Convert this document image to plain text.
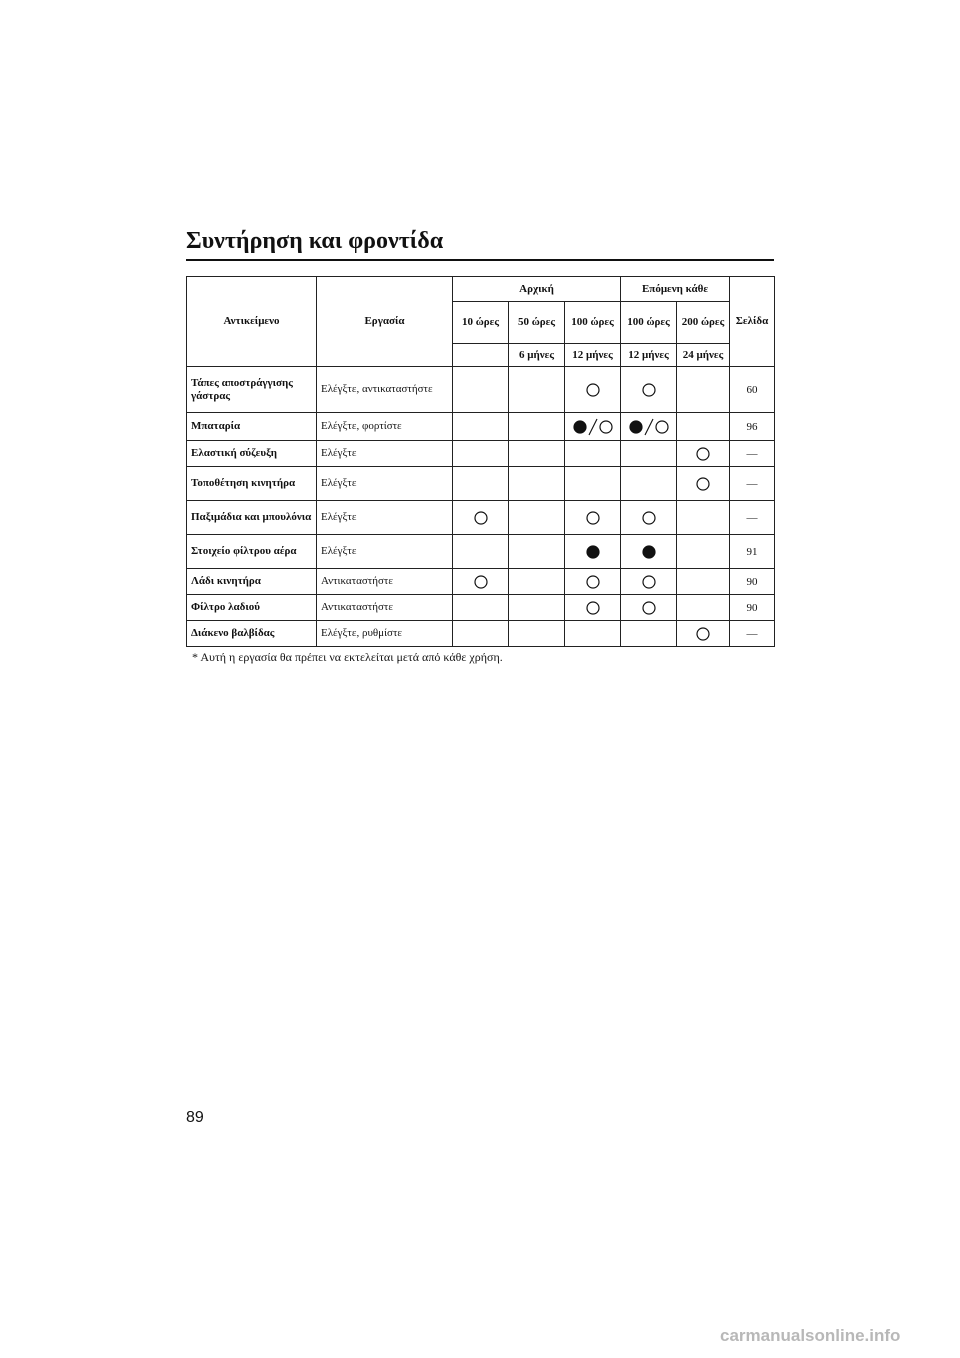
Συντήρηση και φροντίδα
Αντικείμενο	Εργασία	Αρχική			Επόμενη κάθε		Σελίδα
		10 ώρες	50 ώρες	100 ώρες	100 ώρες	200 ώρες	
			6 μήνες	12 μήνες	12 μήνες	24 μήνες	
Τάπες αποστράγγισης γάστρας	Ελέγξτε, αντικαταστήστε						60
Μπαταρία	Ελέγξτε, φορτίστε						96
Ελαστική σύζευξη	Ελέγξτε						—
Τοποθέτηση κινητήρα	Ελέγξτε						—
Παξιμάδια και μπουλόνια	Ελέγξτε						—
Στοιχείο φίλτρου αέρα	Ελέγξτε						91
Λάδι κινητήρα	Αντικαταστήστε						90
Φίλτρο λαδιού	Αντικαταστήστε						90
Διάκενο βαλβίδας	Ελέγξτε, ρυθμίστε						—
* Αυτή η εργασία θα πρέπει να εκτελείται μετά από κάθε χρήση.
89
carmanualsonline.info
